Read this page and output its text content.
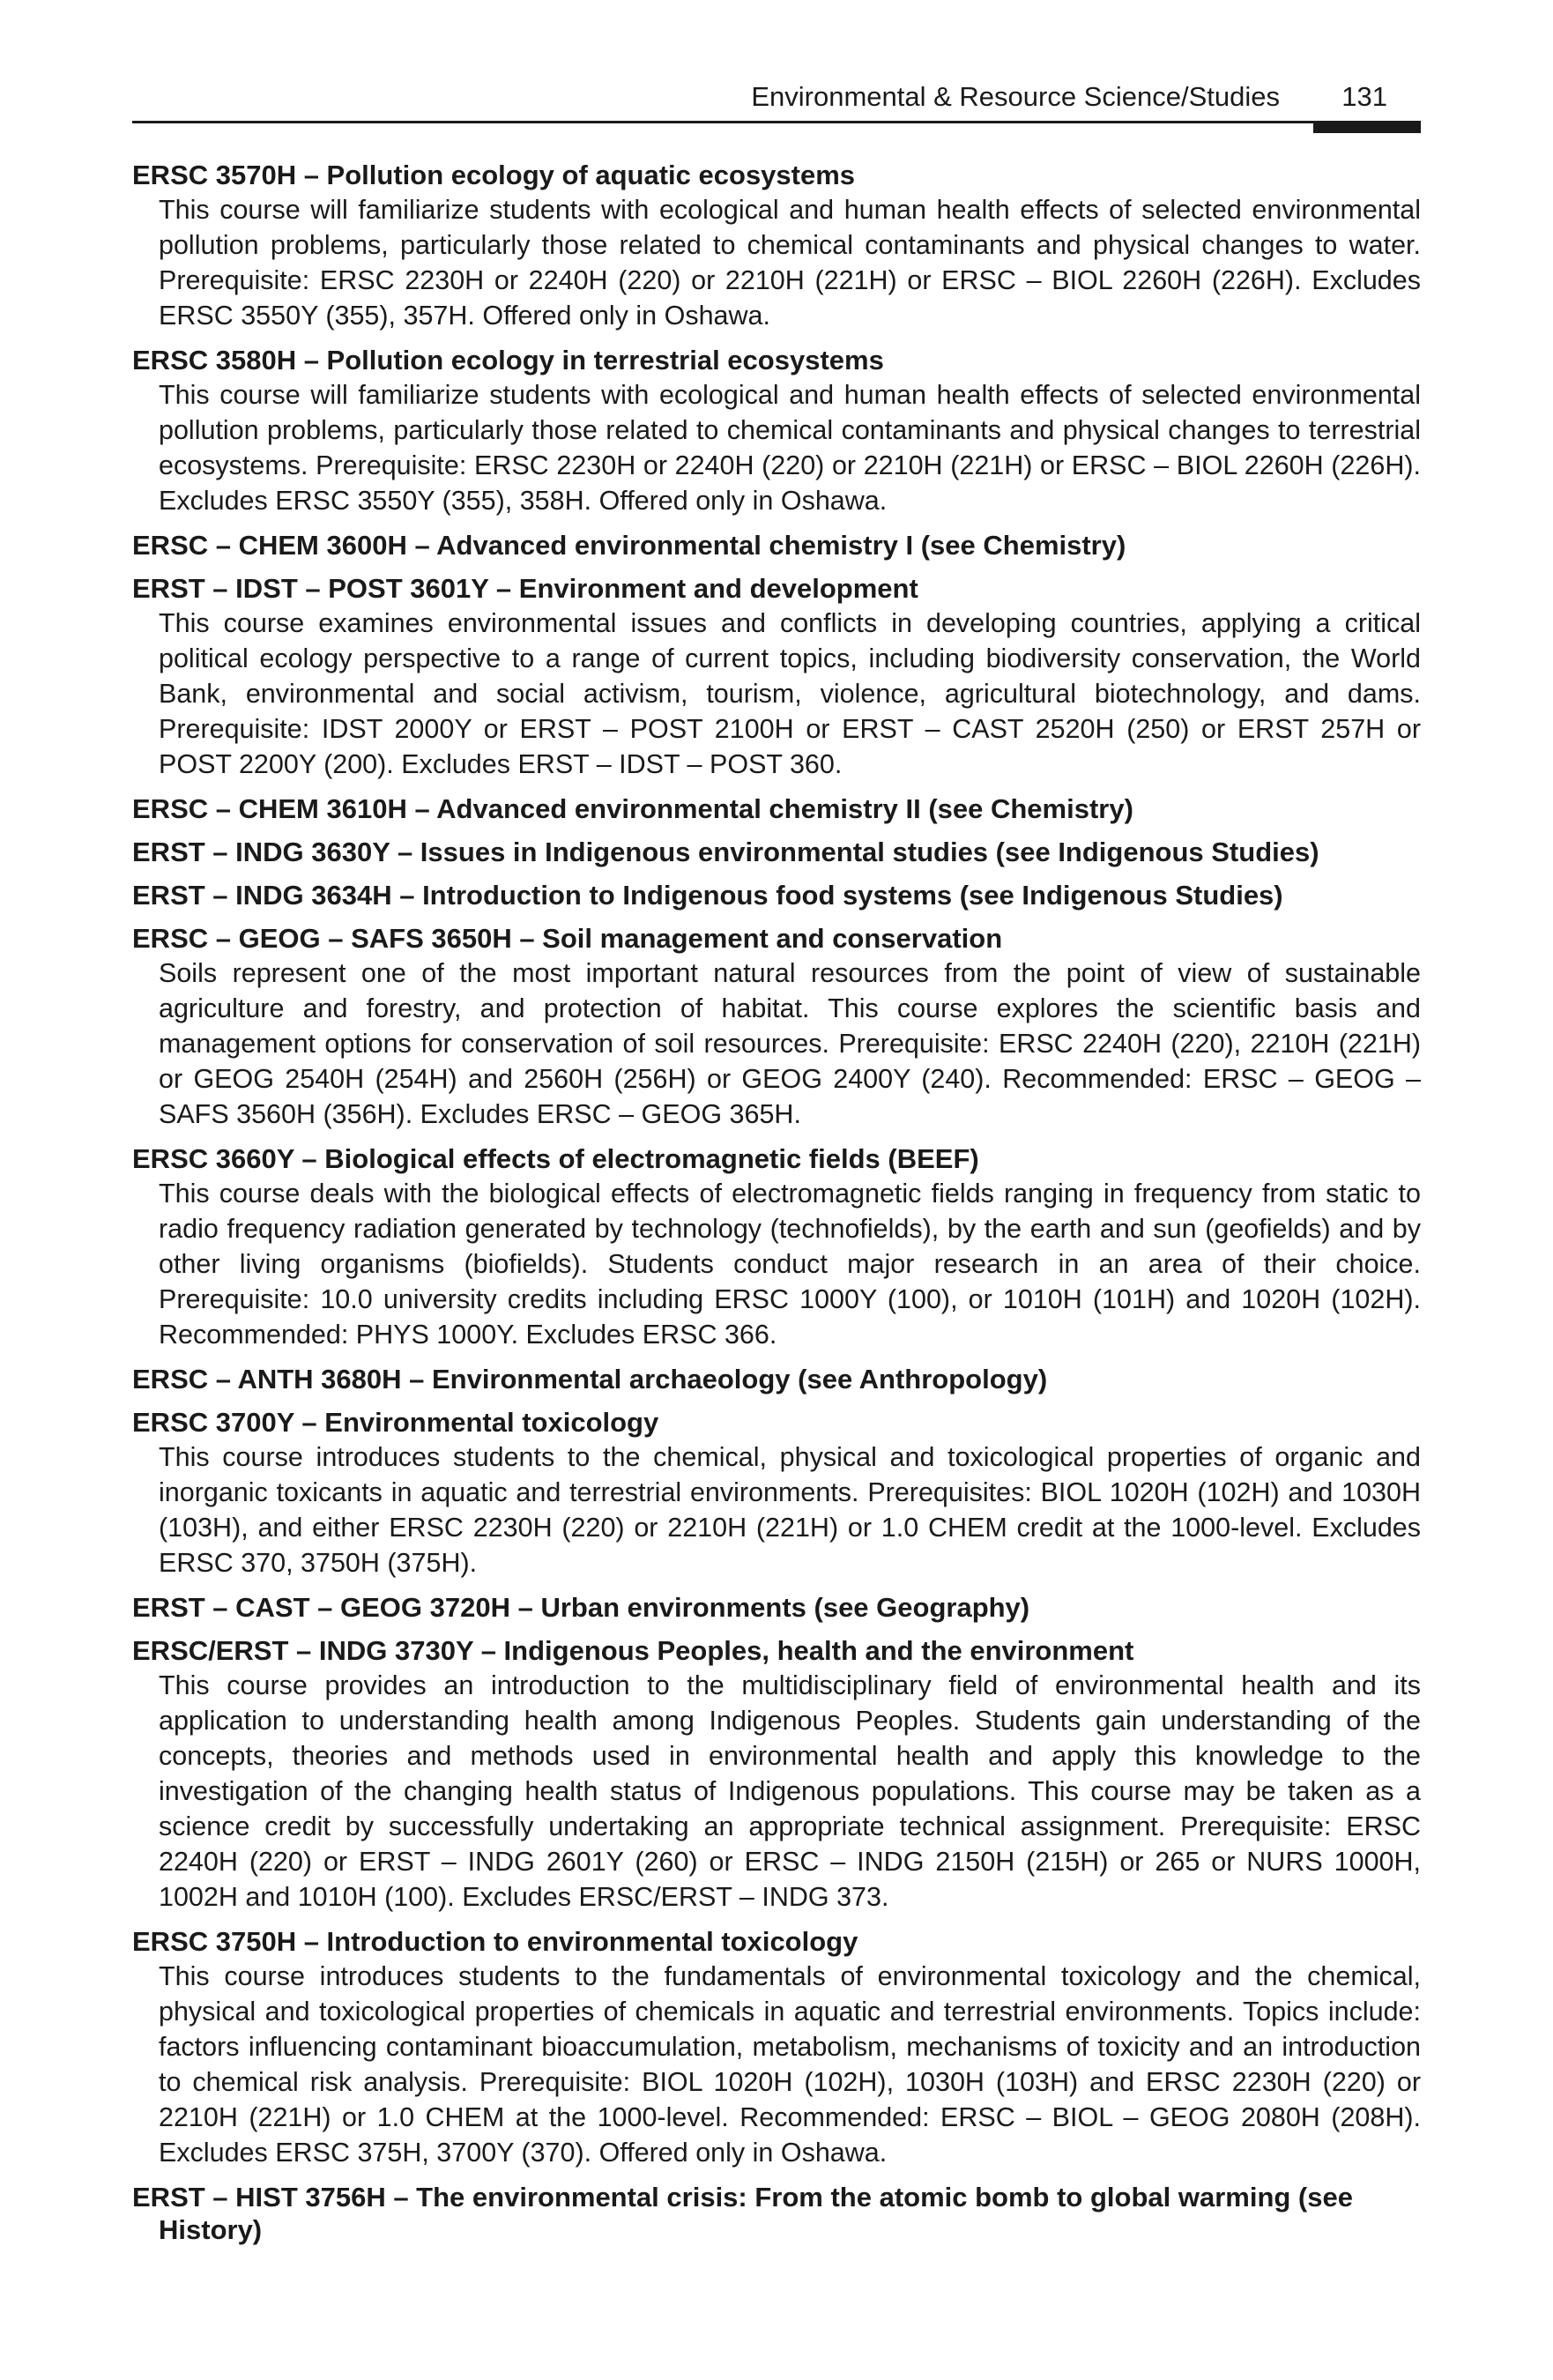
Environmental & Resource Science/Studies 131

ERSC 3570H – Pollution ecology of aquatic ecosystems

This course will familiarize students with ecological and human health effects of selected environmental pollution problems, particularly those related to chemical contaminants and physical changes to water. Prerequisite: ERSC 2230H or 2240H (220) or 2210H (221H) or ERSC – BIOL 2260H (226H). Excludes ERSC 3550Y (355), 357H. Offered only in Oshawa.

ERSC 3580H – Pollution ecology in terrestrial ecosystems

This course will familiarize students with ecological and human health effects of selected environmental pollution problems, particularly those related to chemical contaminants and physical changes to terrestrial ecosystems. Prerequisite: ERSC 2230H or 2240H (220) or 2210H (221H) or ERSC – BIOL 2260H (226H). Excludes ERSC 3550Y (355), 358H. Offered only in Oshawa.

ERSC – CHEM 3600H – Advanced environmental chemistry I (see Chemistry)

ERST – IDST – POST 3601Y – Environment and development

This course examines environmental issues and conflicts in developing countries, applying a critical political ecology perspective to a range of current topics, including biodiversity conservation, the World Bank, environmental and social activism, tourism, violence, agricultural biotechnology, and dams. Prerequisite: IDST 2000Y or ERST – POST 2100H or ERST – CAST 2520H (250) or ERST 257H or POST 2200Y (200). Excludes ERST – IDST – POST 360.

ERSC – CHEM 3610H – Advanced environmental chemistry II (see Chemistry)

ERST – INDG 3630Y – Issues in Indigenous environmental studies (see Indigenous Studies)

ERST – INDG 3634H – Introduction to Indigenous food systems (see Indigenous Studies)

ERSC – GEOG – SAFS 3650H – Soil management and conservation

Soils represent one of the most important natural resources from the point of view of sustainable agriculture and forestry, and protection of habitat. This course explores the scientific basis and management options for conservation of soil resources. Prerequisite: ERSC 2240H (220), 2210H (221H) or GEOG 2540H (254H) and 2560H (256H) or GEOG 2400Y (240). Recommended: ERSC – GEOG – SAFS 3560H (356H). Excludes ERSC – GEOG 365H.

ERSC 3660Y – Biological effects of electromagnetic fields (BEEF)

This course deals with the biological effects of electromagnetic fields ranging in frequency from static to radio frequency radiation generated by technology (technofields), by the earth and sun (geofields) and by other living organisms (biofields). Students conduct major research in an area of their choice. Prerequisite: 10.0 university credits including ERSC 1000Y (100), or 1010H (101H) and 1020H (102H). Recommended: PHYS 1000Y. Excludes ERSC 366.

ERSC – ANTH 3680H – Environmental archaeology (see Anthropology)

ERSC 3700Y – Environmental toxicology

This course introduces students to the chemical, physical and toxicological properties of organic and inorganic toxicants in aquatic and terrestrial environments. Prerequisites: BIOL 1020H (102H) and 1030H (103H), and either ERSC 2230H (220) or 2210H (221H) or 1.0 CHEM credit at the 1000-level. Excludes ERSC 370, 3750H (375H).

ERST – CAST – GEOG 3720H – Urban environments (see Geography)

ERSC/ERST – INDG 3730Y – Indigenous Peoples, health and the environment

This course provides an introduction to the multidisciplinary field of environmental health and its application to understanding health among Indigenous Peoples. Students gain understanding of the concepts, theories and methods used in environmental health and apply this knowledge to the investigation of the changing health status of Indigenous populations. This course may be taken as a science credit by successfully undertaking an appropriate technical assignment. Prerequisite: ERSC 2240H (220) or ERST – INDG 2601Y (260) or ERSC – INDG 2150H (215H) or 265 or NURS 1000H, 1002H and 1010H (100). Excludes ERSC/ERST – INDG 373.

ERSC 3750H – Introduction to environmental toxicology

This course introduces students to the fundamentals of environmental toxicology and the chemical, physical and toxicological properties of chemicals in aquatic and terrestrial environments. Topics include: factors influencing contaminant bioaccumulation, metabolism, mechanisms of toxicity and an introduction to chemical risk analysis. Prerequisite: BIOL 1020H (102H), 1030H (103H) and ERSC 2230H (220) or 2210H (221H) or 1.0 CHEM at the 1000-level. Recommended: ERSC – BIOL – GEOG 2080H (208H). Excludes ERSC 375H, 3700Y (370). Offered only in Oshawa.

ERST – HIST 3756H – The environmental crisis: From the atomic bomb to global warming (see History)
